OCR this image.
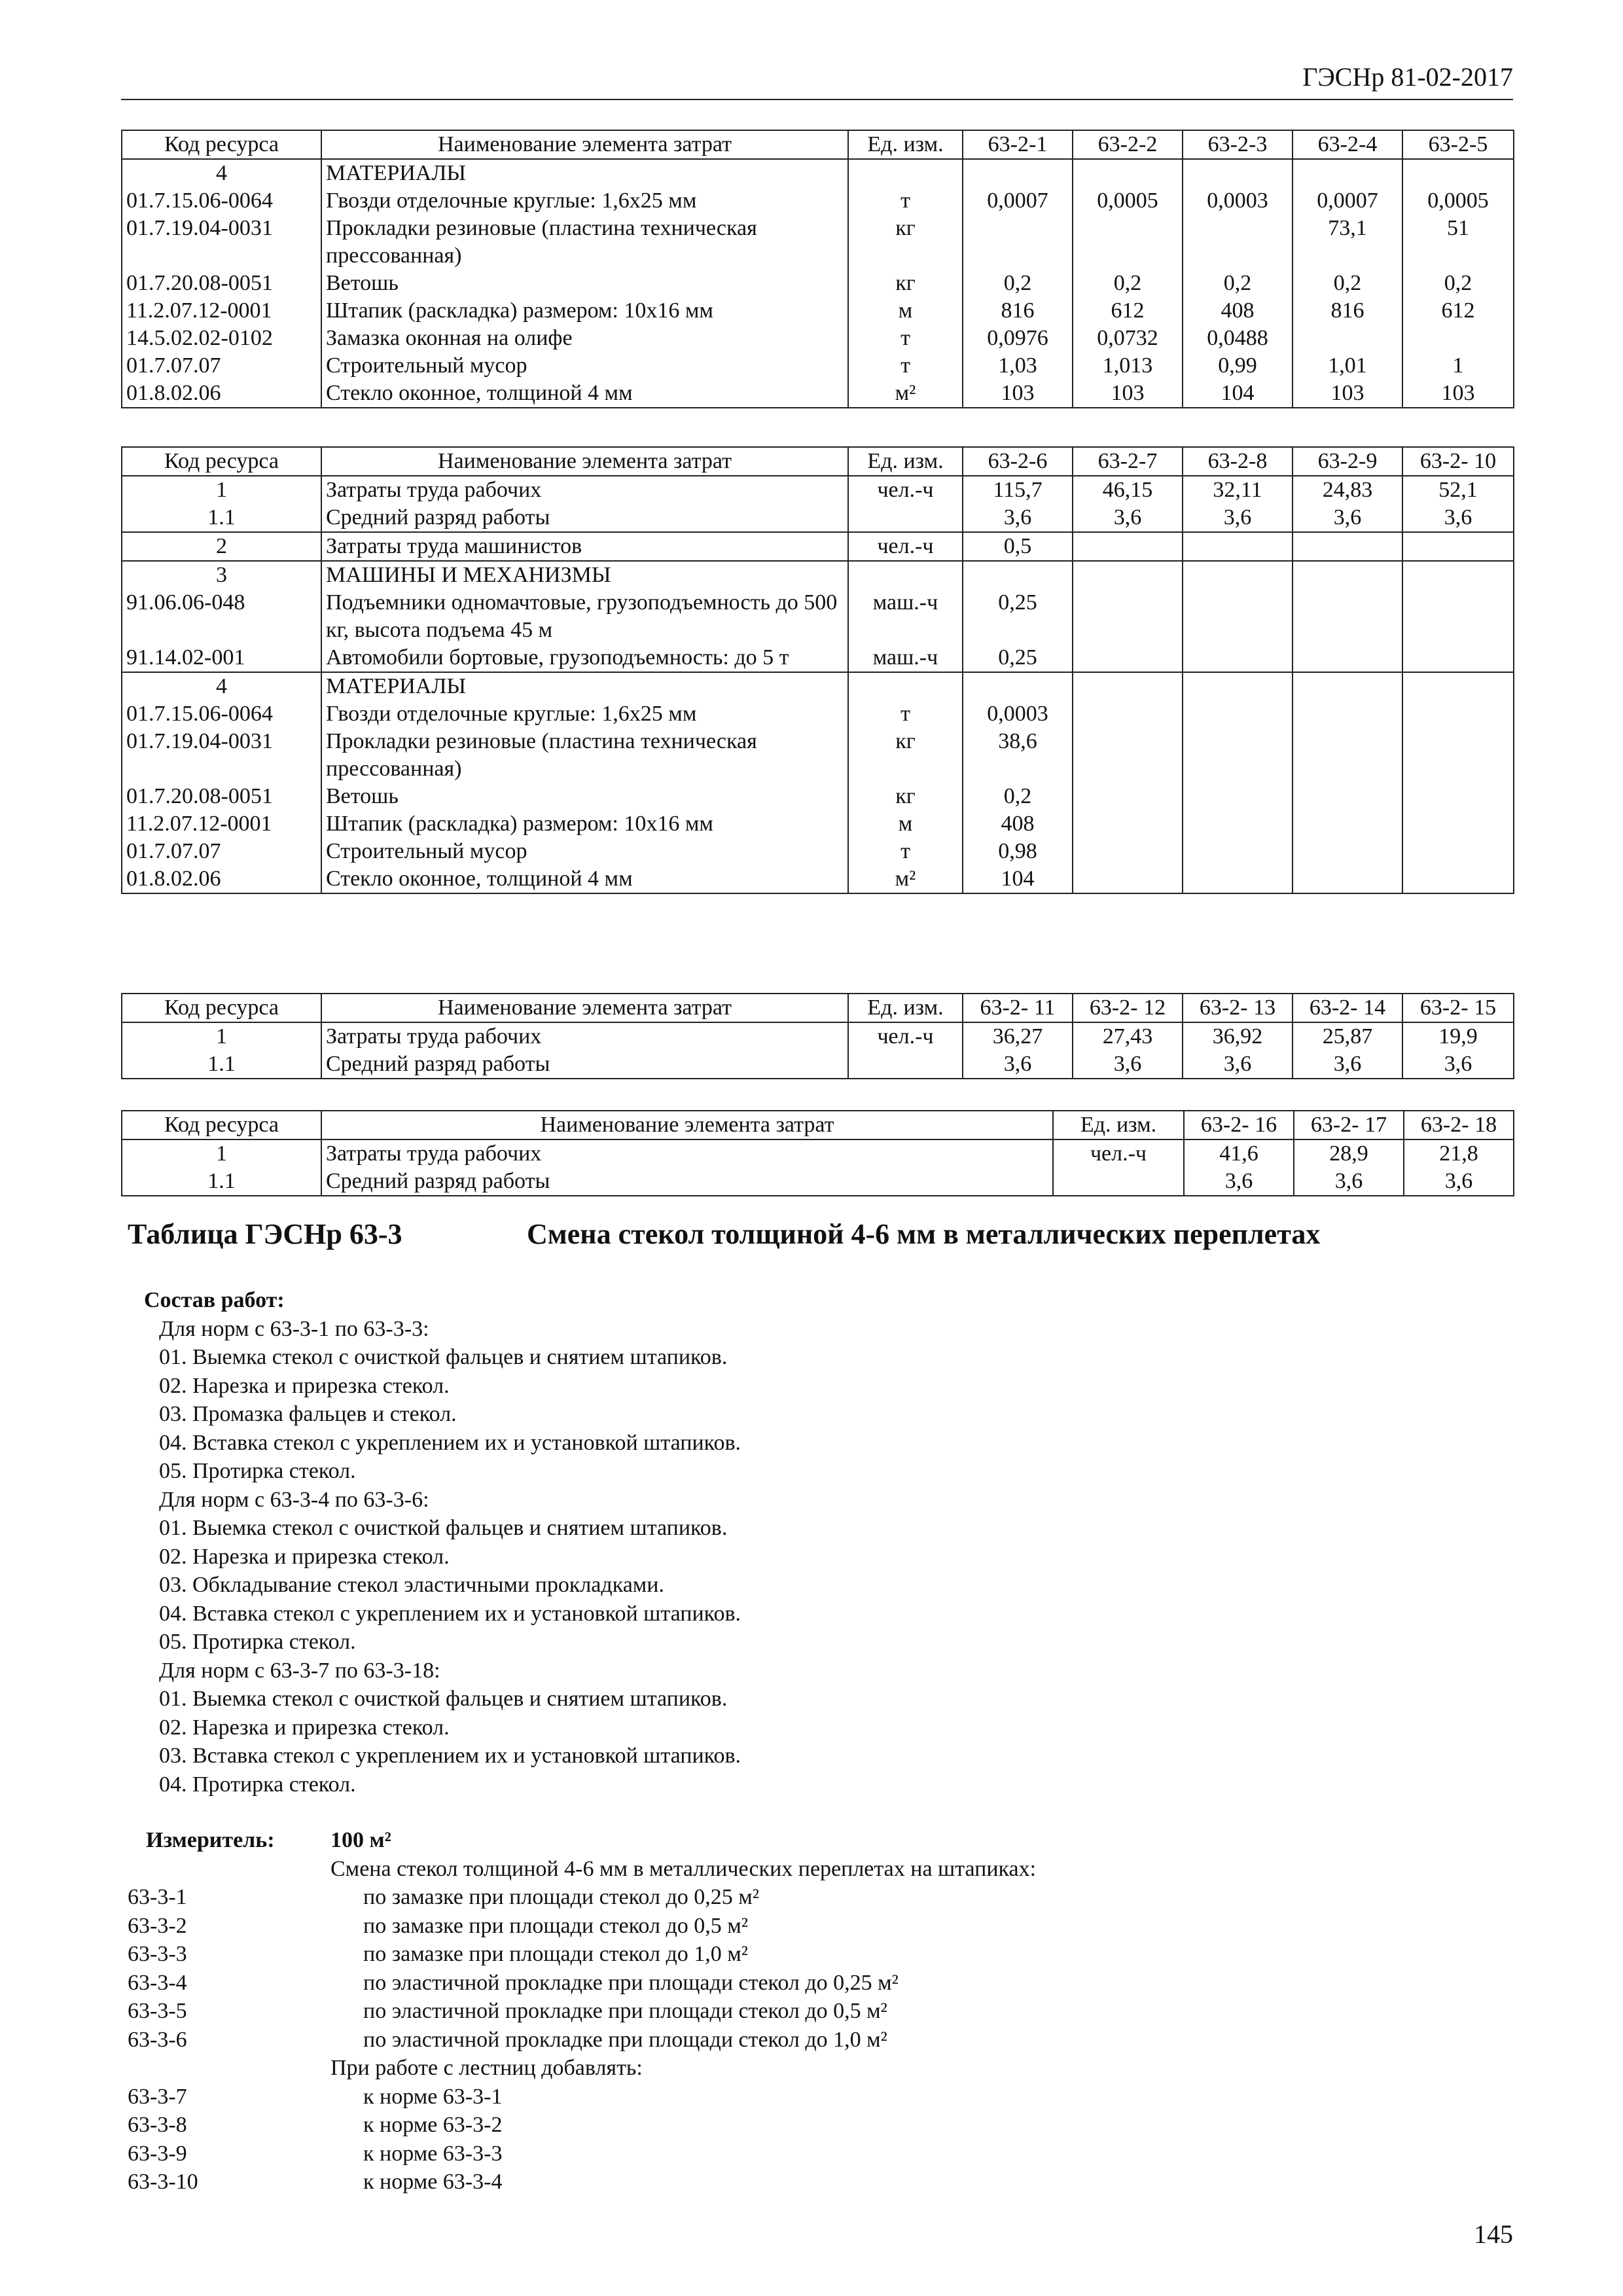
ГЭСНр 81-02-2017
Код ресурса	Наименование элемента затрат	Ед. изм.	63-2-1	63-2-2	63-2-3	63-2-4	63-2-5
4	МАТЕРИАЛЫ						
01.7.15.06-0064	Гвозди отделочные круглые: 1,6х25 мм	т	0,0007	0,0005	0,0003	0,0007	0,0005
01.7.19.04-0031	Прокладки резиновые (пластина техническая прессованная)	кг				73,1	51
01.7.20.08-0051	Ветошь	кг	0,2	0,2	0,2	0,2	0,2
11.2.07.12-0001	Штапик (раскладка) размером: 10х16 мм	м	816	612	408	816	612
14.5.02.02-0102	Замазка оконная на олифе	т	0,0976	0,0732	0,0488		
01.7.07.07	Строительный мусор	т	1,03	1,013	0,99	1,01	1
01.8.02.06	Стекло оконное, толщиной 4 мм	м²	103	103	104	103	103
Код ресурса	Наименование элемента затрат	Ед. изм.	63-2-6	63-2-7	63-2-8	63-2-9	63-2- 10
1	Затраты труда рабочих	чел.-ч	115,7	46,15	32,11	24,83	52,1
1.1	Средний разряд работы		3,6	3,6	3,6	3,6	3,6
2	Затраты труда машинистов	чел.-ч	0,5				
3	МАШИНЫ И МЕХАНИЗМЫ						
91.06.06-048	Подъемники одномачтовые, грузоподъемность до 500 кг, высота подъема 45 м	маш.-ч	0,25				
91.14.02-001	Автомобили бортовые, грузоподъемность: до 5 т	маш.-ч	0,25				
4	МАТЕРИАЛЫ						
01.7.15.06-0064	Гвозди отделочные круглые: 1,6х25 мм	т	0,0003				
01.7.19.04-0031	Прокладки резиновые (пластина техническая прессованная)	кг	38,6				
01.7.20.08-0051	Ветошь	кг	0,2				
11.2.07.12-0001	Штапик (раскладка) размером: 10х16 мм	м	408				
01.7.07.07	Строительный мусор	т	0,98				
01.8.02.06	Стекло оконное, толщиной 4 мм	м²	104				
Код ресурса	Наименование элемента затрат	Ед. изм.	63-2- 11	63-2- 12	63-2- 13	63-2- 14	63-2- 15
1	Затраты труда рабочих	чел.-ч	36,27	27,43	36,92	25,87	19,9
1.1	Средний разряд работы		3,6	3,6	3,6	3,6	3,6
Код ресурса	Наименование элемента затрат	Ед. изм.	63-2- 16	63-2- 17	63-2- 18
1	Затраты труда рабочих	чел.-ч	41,6	28,9	21,8
1.1	Средний разряд работы		3,6	3,6	3,6
Таблица ГЭСНр 63-3	Смена стекол толщиной 4-6 мм в металлических переплетах
Состав работ:
Для норм с 63-3-1 по 63-3-3:
01. Выемка стекол с очисткой фальцев и снятием штапиков.
02. Нарезка и прирезка стекол.
03. Промазка фальцев и стекол.
04. Вставка стекол с укреплением их и установкой штапиков.
05. Протирка стекол.
Для норм с 63-3-4 по 63-3-6:
01. Выемка стекол с очисткой фальцев и снятием штапиков.
02. Нарезка и прирезка стекол.
03. Обкладывание стекол эластичными прокладками.
04. Вставка стекол с укреплением их и установкой штапиков.
05. Протирка стекол.
Для норм с 63-3-7 по 63-3-18:
01. Выемка стекол с очисткой фальцев и снятием штапиков.
02. Нарезка и прирезка стекол.
03. Вставка стекол с укреплением их и установкой штапиков.
04. Протирка стекол.
Измеритель:	100 м²
Смена стекол толщиной 4-6 мм в металлических переплетах на штапиках:
63-3-1	по замазке при площади стекол до 0,25 м²
63-3-2	по замазке при площади стекол до 0,5 м²
63-3-3	по замазке при площади стекол до 1,0 м²
63-3-4	по эластичной прокладке при площади стекол до 0,25 м²
63-3-5	по эластичной прокладке при площади стекол до 0,5 м²
63-3-6	по эластичной прокладке при площади стекол до 1,0 м²
При работе с лестниц добавлять:
63-3-7	к норме 63-3-1
63-3-8	к норме 63-3-2
63-3-9	к норме 63-3-3
63-3-10	к норме 63-3-4
145
